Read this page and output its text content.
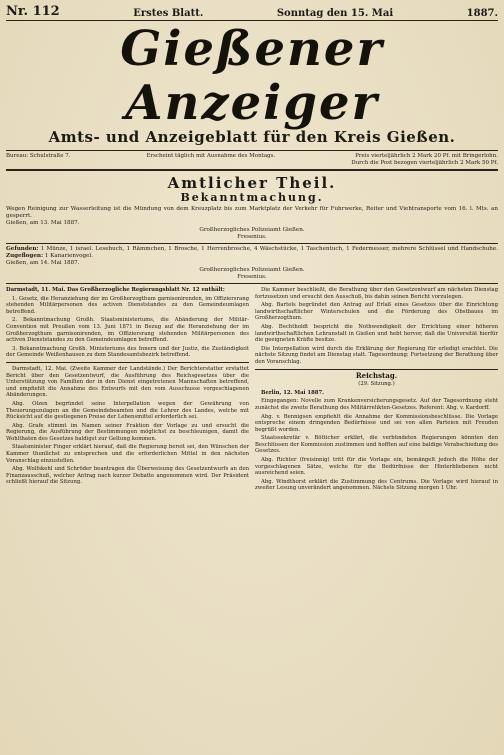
Nr. 112	Erstes Blatt.	Sonntag den 15. Mai	1887.
Gießener Anzeiger
Amts- und Anzeigeblatt für den Kreis Gießen.
Bureau: Schulstraße 7.	Erscheint täglich mit Ausnahme des Montags.	Preis vierteljährlich 2 Mark 20 Pf. mit Bringerlohn.
Durch die Post bezogen vierteljährlich 2 Mark 50 Pf.
Amtlicher Theil.
Bekanntmachung.
Wegen Reinigung zur Wasserleitung ist die Mündung von dem Kreuzplatz bis zum Marktplatz der Verkehr für Fuhrwerke, Reiter und Viehtransporte vom 16. l. Mts. an gesperrt.
Gießen, am 13. Mai 1887.
Großherzogliches Polizeiamt Gießen.
Fresenius.
Gefunden: 1 Münze, 1 israel. Lesebuch, 1 Rämmchen, 1 Brosche, 1 Herrenbrosche, 4 Wäschstücke, 1 Taschentuch, 1 Federmesser, mehrere Schlüssel und Handschuhe. Zugeflogen: 1 Kanarienvogel.
Gießen, am 14. Mai 1887.
Großherzogliches Polizeiamt Gießen.
Fresenius.

Darmstadt, 11. Mai. Das Großherzogliche Regierungsblatt Nr. 12 enthält:

1. Gesetz, die Heranziehung der im Großherzogthum garnisonirenden, im Offiziersrang stehenden Militärpersonen des activen Dienststandes zu den Gemeindeumlagen betreffend.

2. Bekanntmachung Großh. Staatsministeriums, die Abänderung der Militär-Convention mit Preußen vom 13. Juni 1871 in Bezug auf die Heranziehung der im Großherzogthum garnisonirenden, im Offiziersrang stehenden Militärpersonen des activen Dienststandes zu den Gemeindeumlagen betreffend.

3. Bekanntmachung Großh. Ministeriums des Innern und der Justiz, die Zuständigkeit der Gemeinde Weißenhausen zu dem Standesamtsbezirk betreffend.

Darmstadt, 12. Mai. (Zweite Kammer der Landstände.) Der Berichterstatter erstattet Bericht über den Gesetzentwurf, die Ausführung des Reichsgesetzes über die Unterstützung von Familien der in den Dienst eingetretenen Mannschaften betreffend, und empfiehlt die Annahme des Entwurfs mit den vom Ausschusse vorgeschlagenen Abänderungen.

Abg. Olzen begründet seine Interpellation wegen der Gewährung von Theuerungszulagen an die Gemeindebeamten und die Lehrer des Landes, welche mit Rücksicht auf die gestiegenen Preise der Lebensmittel erforderlich sei.

Abg. Grafe stimmt im Namen seiner Fraktion der Vorlage zu und ersucht die Regierung, die Ausführung der Bestimmungen möglichst zu beschleunigen, damit die Wohlthaten des Gesetzes baldigst zur Geltung kommen.

Staatsminister Finger erklärt hierauf, daß die Regierung bereit sei, den Wünschen der Kammer thunlichst zu entsprechen und die erforderlichen Mittel in den nächsten Voranschlag einzustellen.

Abg. Wolfskehl und Schröder beantragen die Überweisung des Gesetzentwurfs an den Finanzausschuß, welcher Antrag nach kurzer Debatte angenommen wird. Der Präsident schließt hierauf die Sitzung.

Die Kammer beschließt, die Berathung über den Gesetzentwurf am nächsten Dienstag fortzusetzen und ersucht den Ausschuß, bis dahin seinen Bericht vorzulegen.

Abg. Bartels begründet den Antrag auf Erlaß eines Gesetzes über die Einrichtung landwirthschaftlicher Winterschulen und die Förderung des Obstbaues im Großherzogthum.

Abg. Bechtholdt bespricht die Nothwendigkeit der Errichtung einer höheren landwirthschaftlichen Lehranstalt in Gießen und hebt hervor, daß die Universität hierfür die geeigneten Kräfte besitze.

Die Interpellation wird durch die Erklärung der Regierung für erledigt erachtet. Die nächste Sitzung findet am Dienstag statt. Tagesordnung: Fortsetzung der Berathung über den Voranschlag.

Reichstag.

(29. Sitzung.)

Berlin, 12. Mai 1887.

Eingegangen: Novelle zum Krankenversicherungsgesetz. Auf der Tagesordnung steht zunächst die zweite Berathung des Militärrelikten-Gesetzes. Referent: Abg. v. Kardorff.

Abg. v. Bennigsen empfiehlt die Annahme der Kommissionsbeschlüsse. Die Vorlage entspreche einem dringenden Bedürfnisse und sei von allen Parteien mit Freuden begrüßt worden.

Staatssekretär v. Bötticher erklärt, die verbündeten Regierungen könnten den Beschlüssen der Kommission zustimmen und hofften auf eine baldige Verabschiedung des Gesetzes.

Abg. Richter (freisinnig) tritt für die Vorlage ein, bemängelt jedoch die Höhe der vorgeschlagenen Sätze, welche für die Bedürfnisse der Hinterbliebenen nicht ausreichend seien.

Abg. Windthorst erklärt die Zustimmung des Centrums. Die Vorlage wird hierauf in zweiter Lesung unverändert angenommen. Nächste Sitzung morgen 1 Uhr.
